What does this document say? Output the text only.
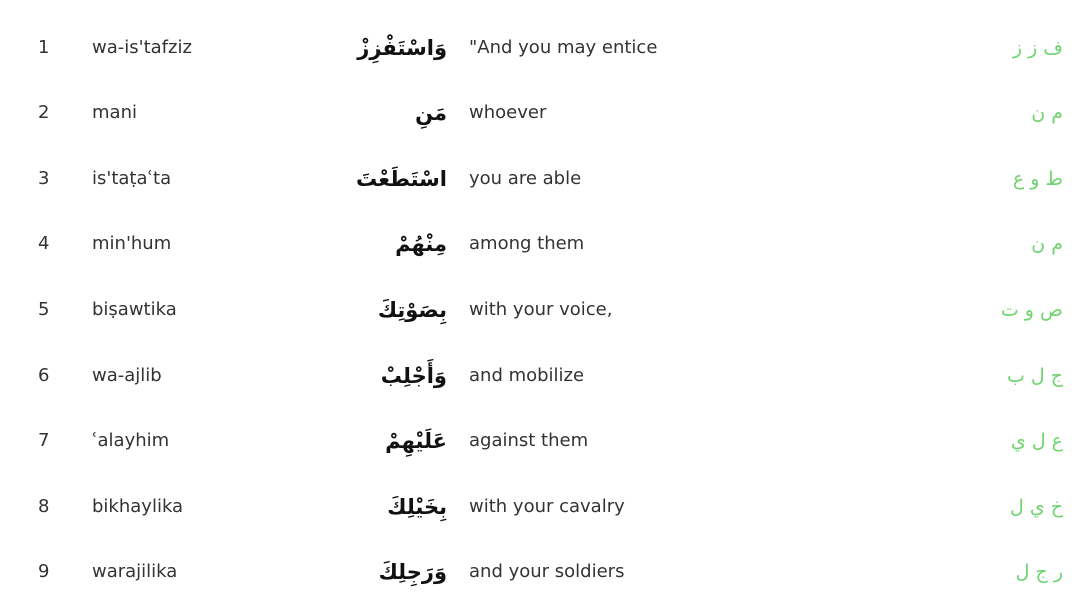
1 wa-is'tafziz	وَاسْتَفْزِزْ "And you may entice	ف ز ز
2 mani	مَنِ whoever	م ن
3 is'taṭaʿta	اسْتَطَعْتَ you are able	ط و ع
4 min'hum	مِنْهُمْ among them	م ن
5 biṣawtika	بِصَوْتِكَ with your voice,	ص و ت
6 wa-ajlib	وَأَجْلِبْ and mobilize	ج ل ب
7 ʿalayhim	عَلَيْهِمْ against them	ع ل ي
8 bikhaylika	بِخَيْلِكَ with your cavalry	خ ي ل
9 warajilika	وَرَجِلِكَ and your soldiers	ر ج ل
